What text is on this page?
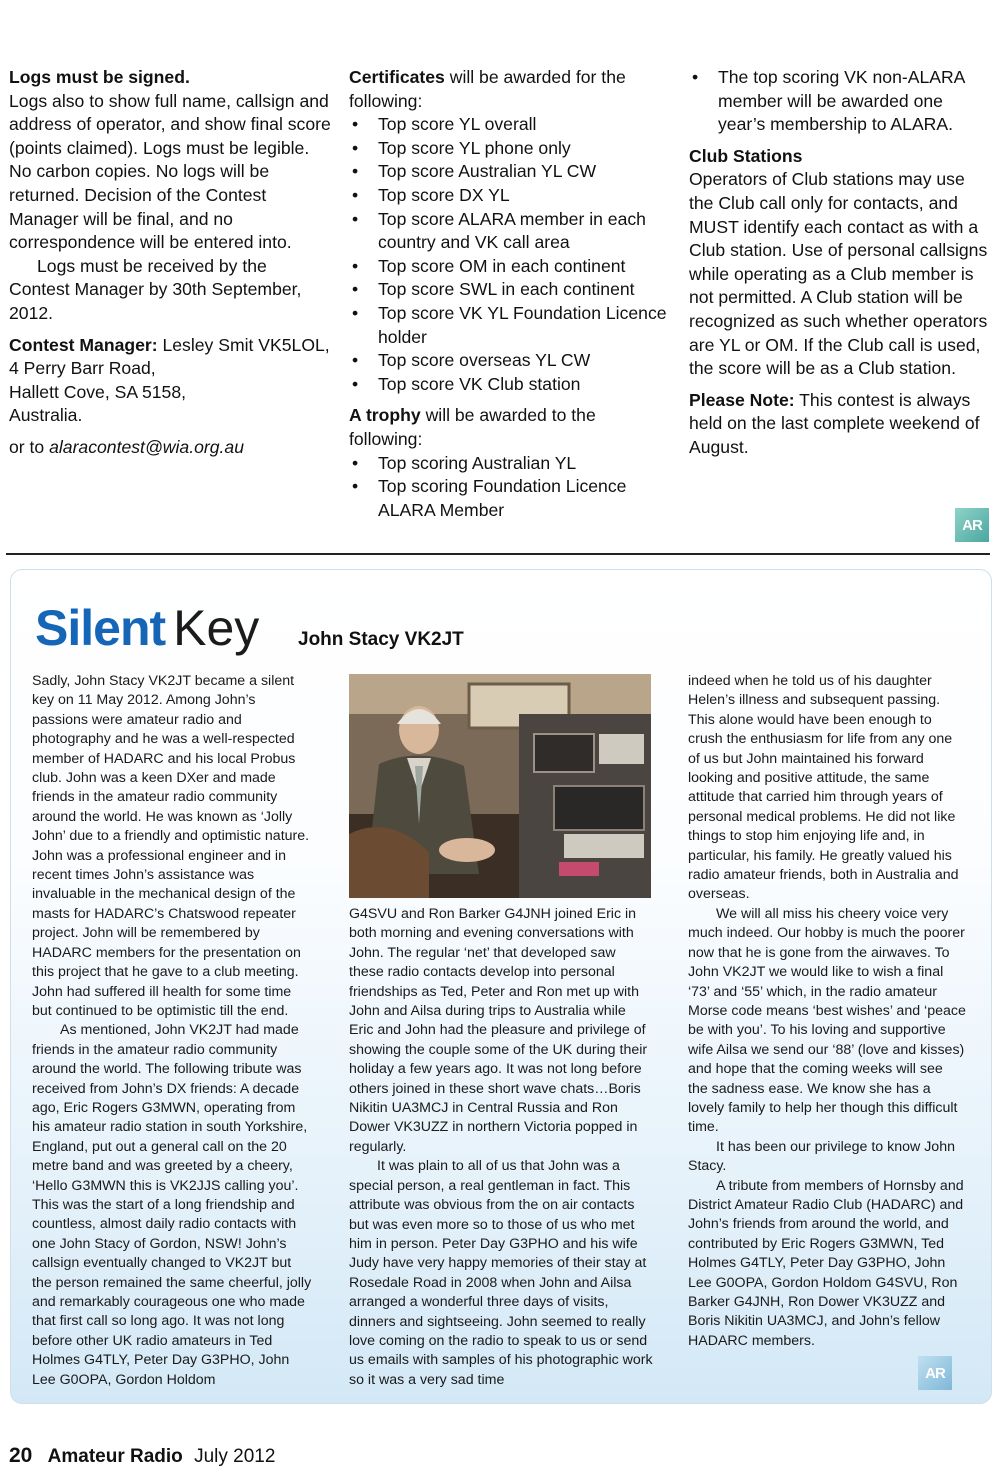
Logs must be signed.

Logs also to show full name, callsign and address of operator, and show final score (points claimed). Logs must be legible. No carbon copies. No logs will be returned. Decision of the Contest Manager will be final, and no correspondence will be entered into.

Logs must be received by the Contest Manager by 30th September, 2012.

Contest Manager: Lesley Smit VK5LOL,

4 Perry Barr Road,

Hallett Cove, SA 5158,

Australia.

or to alaracontest@wia.org.au

Certificates will be awarded for the following:

• Top score YL overall
• Top score YL phone only
• Top score Australian YL CW
• Top score DX YL
• Top score ALARA member in each country and VK call area
• Top score OM in each continent
• Top score SWL in each continent
• Top score VK YL Foundation Licence holder
• Top score overseas YL CW
• Top score VK Club station

A trophy will be awarded to the following:

• Top scoring Australian YL
• Top scoring Foundation Licence ALARA Member
• The top scoring VK non-ALARA member will be awarded one year’s membership to ALARA.

Club Stations

Operators of Club stations may use the Club call only for contacts, and MUST identify each contact as with a Club station. Use of personal callsigns while operating as a Club member is not permitted. A Club station will be recognized as such whether operators are YL or OM. If the Club call is used, the score will be as a Club station.

Please Note: This contest is always held on the last complete weekend of August.

AR
Silent Key John Stacy VK2JT

Sadly, John Stacy VK2JT became a silent key on 11 May 2012. Among John’s passions were amateur radio and photography and he was a well-respected member of HADARC and his local Probus club. John was a keen DXer and made friends in the amateur radio community around the world. He was known as ‘Jolly John’ due to a friendly and optimistic nature. John was a professional engineer and in recent times John’s assistance was invaluable in the mechanical design of the masts for HADARC’s Chatswood repeater project. John will be remembered by HADARC members for the presentation on this project that he gave to a club meeting. John had suffered ill health for some time but continued to be optimistic till the end.

As mentioned, John VK2JT had made friends in the amateur radio community around the world. The following tribute was received from John’s DX friends: A decade ago, Eric Rogers G3MWN, operating from his amateur radio station in south Yorkshire, England, put out a general call on the 20 metre band and was greeted by a cheery, ‘Hello G3MWN this is VK2JJS calling you’. This was the start of a long friendship and countless, almost daily radio contacts with one John Stacy of Gordon, NSW! John’s callsign eventually changed to VK2JT but the person remained the same cheerful, jolly and remarkably courageous one who made that first call so long ago. It was not long before other UK radio amateurs in Ted Holmes G4TLY, Peter Day G3PHO, John Lee G0OPA, Gordon Holdom

G4SVU and Ron Barker G4JNH joined Eric in both morning and evening conversations with John. The regular ‘net’ that developed saw these radio contacts develop into personal friendships as Ted, Peter and Ron met up with John and Ailsa during trips to Australia while Eric and John had the pleasure and privilege of showing the couple some of the UK during their holiday a few years ago. It was not long before others joined in these short wave chats…Boris Nikitin UA3MCJ in Central Russia and Ron Dower VK3UZZ in northern Victoria popped in regularly.

It was plain to all of us that John was a special person, a real gentleman in fact. This attribute was obvious from the on air contacts but was even more so to those of us who met him in person. Peter Day G3PHO and his wife Judy have very happy memories of their stay at Rosedale Road in 2008 when John and Ailsa arranged a wonderful three days of visits, dinners and sightseeing. John seemed to really love coming on the radio to speak to us or send us emails with samples of his photographic work so it was a very sad time

indeed when he told us of his daughter Helen’s illness and subsequent passing. This alone would have been enough to crush the enthusiasm for life from any one of us but John maintained his forward looking and positive attitude, the same attitude that carried him through years of personal medical problems. He did not like things to stop him enjoying life and, in particular, his family. He greatly valued his radio amateur friends, both in Australia and overseas.

We will all miss his cheery voice very much indeed. Our hobby is much the poorer now that he is gone from the airwaves. To John VK2JT we would like to wish a final ‘73’ and ‘55’ which, in the radio amateur Morse code means ‘best wishes’ and ‘peace be with you’. To his loving and supportive wife Ailsa we send our ‘88’ (love and kisses) and hope that the coming weeks will see the sadness ease. We know she has a lovely family to help her though this difficult time.

It has been our privilege to know John Stacy.

A tribute from members of Hornsby and District Amateur Radio Club (HADARC) and John’s friends from around the world, and contributed by Eric Rogers G3MWN, Ted Holmes G4TLY, Peter Day G3PHO, John Lee G0OPA, Gordon Holdom G4SVU, Ron Barker G4JNH, Ron Dower VK3UZZ and Boris Nikitin UA3MCJ, and John’s fellow HADARC members.

AR
20 Amateur Radio July 2012
